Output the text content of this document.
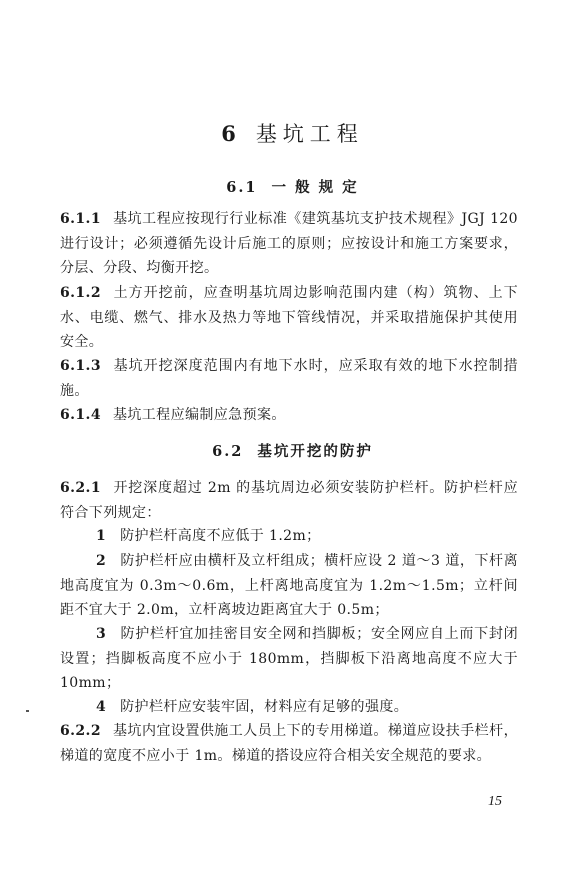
6 基坑工程
6.1 一 般 规 定
6.1.1 基坑工程应按现行行业标准《建筑基坑支护技术规程》JGJ 120 进行设计；必须遵循先设计后施工的原则；应按设计和施工方案要求，分层、分段、均衡开挖。
6.1.2 土方开挖前，应查明基坑周边影响范围内建（构）筑物、上下水、电缆、燃气、排水及热力等地下管线情况，并采取措施保护其使用安全。
6.1.3 基坑开挖深度范围内有地下水时，应采取有效的地下水控制措施。
6.1.4 基坑工程应编制应急预案。
6.2 基坑开挖的防护
6.2.1 开挖深度超过 2m 的基坑周边必须安装防护栏杆。防护栏杆应符合下列规定：
1 防护栏杆高度不应低于 1.2m；
2 防护栏杆应由横杆及立杆组成；横杆应设 2 道～3 道，下杆离地高度宜为 0.3m～0.6m，上杆离地高度宜为 1.2m～1.5m；立杆间距不宜大于 2.0m，立杆离坡边距离宜大于 0.5m；
3 防护栏杆宜加挂密目安全网和挡脚板；安全网应自上而下封闭设置；挡脚板高度不应小于 180mm，挡脚板下沿离地高度不应大于 10mm；
4 防护栏杆应安装牢固，材料应有足够的强度。
6.2.2 基坑内宜设置供施工人员上下的专用梯道。梯道应设扶手栏杆，梯道的宽度不应小于 1m。梯道的搭设应符合相关安全规范的要求。
15
